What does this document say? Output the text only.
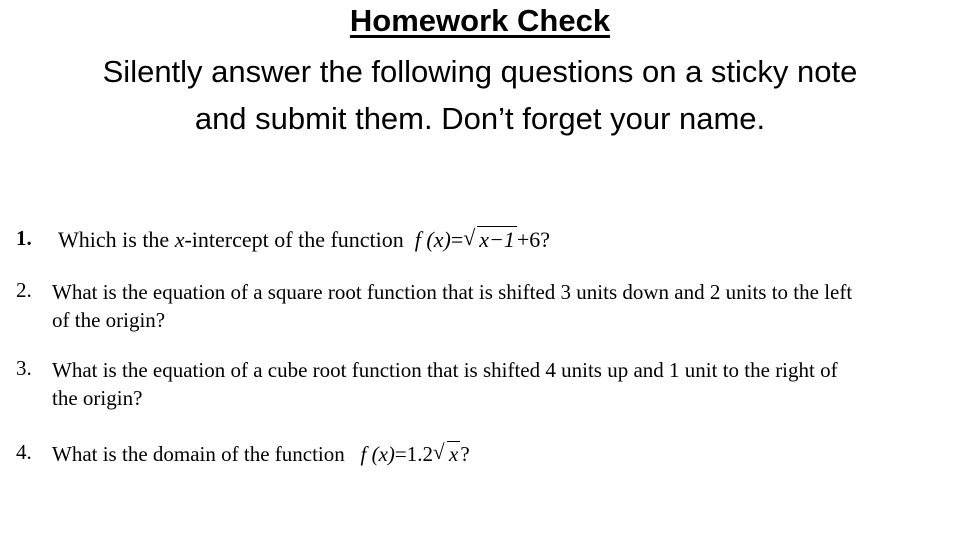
Homework Check
Silently answer the following questions on a sticky note and submit them. Don’t forget your name.
1. Which is the x-intercept of the function f (x)= √ x−1+6?
2. What is the equation of a square root function that is shifted 3 units down and 2 units to the left
of the origin?
3. What is the equation of a cube root function that is shifted 4 units up and 1 unit to the right of
the origin?
4. What is the domain of the function f (x)=1.2 √ x?
